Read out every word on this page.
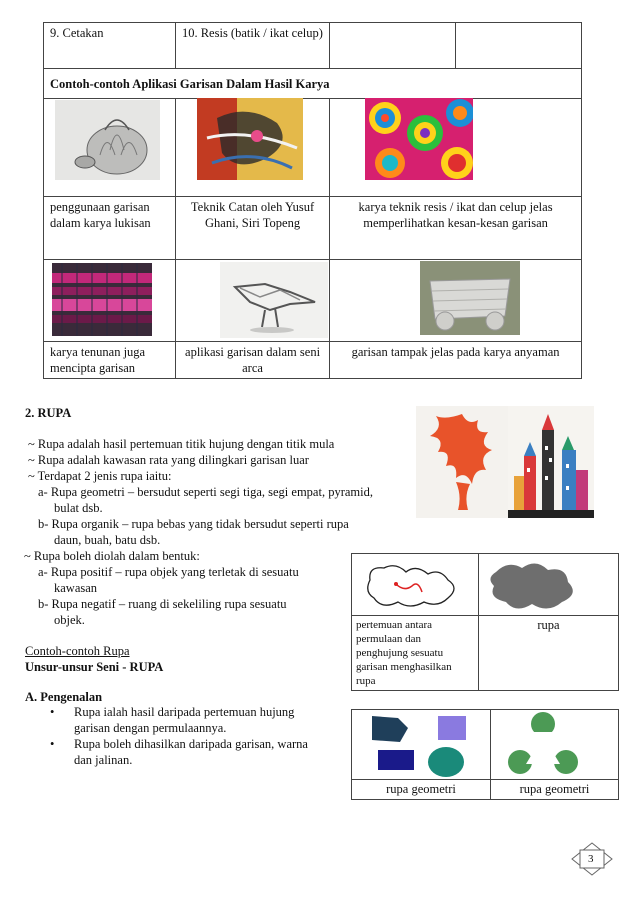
9. Cetakan	10. Resis (batik / ikat celup)		
Contoh-contoh Aplikasi Garisan Dalam Hasil Karya			

penggunaan garisan dalam karya lukisan	Teknik Catan oleh Yusuf Ghani, Siri Topeng	karya teknik resis / ikat dan celup jelas memperlihatkan kesan-kesan garisan	

karya tenunan juga mencipta garisan	aplikasi garisan dalam seni arca	garisan tampak jelas pada karya anyaman	
2. RUPA
~ Rupa adalah hasil pertemuan titik hujung dengan titik mula
~ Rupa adalah kawasan rata yang dilingkari garisan luar
~ Terdapat 2 jenis rupa iaitu:
a- Rupa geometri – bersudut seperti segi tiga, segi empat, pyramid,
bulat dsb.
b- Rupa organik – rupa bebas yang tidak bersudut seperti rupa
daun, buah, batu dsb.
~ Rupa boleh diolah dalam bentuk:
a- Rupa positif – rupa objek yang terletak di sesuatu
kawasan
b- Rupa negatif – ruang di sekeliling rupa sesuatu
objek.
Contoh-contoh Rupa
Unsur-unsur Seni - RUPA
A. Pengenalan
• Rupa ialah hasil daripada pertemuan hujung
garisan dengan permulaannya.
• Rupa boleh dihasilkan daripada garisan, warna
dan jalinan.

pertemuan antara
permulaan dan
penghujung sesuatu
garisan menghasilkan
rupa	rupa

rupa geometri	rupa geometri
3
